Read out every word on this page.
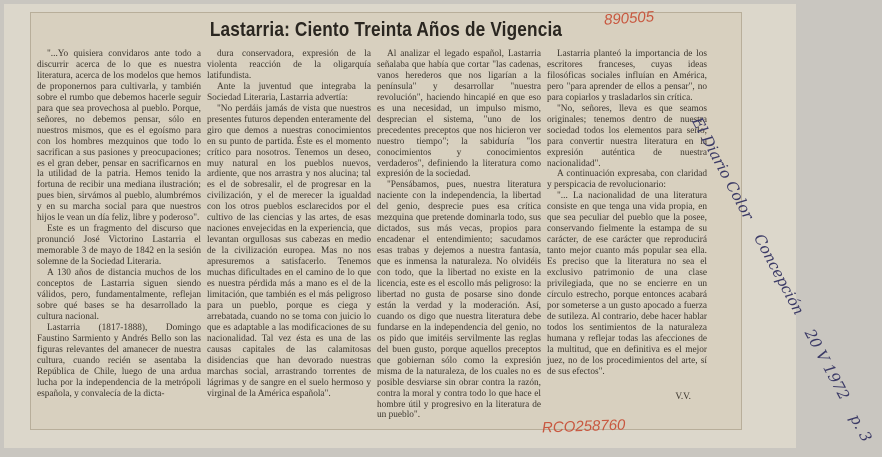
Lastarria: Ciento Treinta Años de Vigencia

"...Yo quisiera convidaros ante todo a discurrir acerca de lo que es nuestra literatura, acerca de los modelos que hemos de proponernos para cultivarla, y también sobre el rumbo que debemos hacerle seguir para que sea provechosa al pueblo. Porque, señores, no debemos pensar, sólo en nuestros mismos, que es el egoísmo para con los hombres mezquinos que todo lo sacrifican a sus pasiones y preocupaciones; es el gran deber, pensar en sacrificarnos en la utilidad de la patria. Hemos tenido la fortuna de recibir una mediana ilustración; pues bien, sirvámos al pueblo, alumbrémos y en su marcha social para que nuestros hijos le vean un día feliz, libre y poderoso".

Este es un fragmento del discurso que pronunció José Victorino Lastarria el memorable 3 de mayo de 1842 en la sesión solemne de la Sociedad Literaria.

A 130 años de distancia muchos de los conceptos de Lastarria siguen siendo válidos, pero, fundamentalmente, reflejan sobre qué bases se ha desarrollado la cultura nacional.

Lastarria (1817-1888), Domingo Faustino Sarmiento y Andrés Bello son las figuras relevantes del amanecer de nuestra cultura, cuando recién se asentaba la República de Chile, luego de una ardua lucha por la independencia de la metrópoli española, y convalecía de la dicta-

dura conservadora, expresión de la violenta reacción de la oligarquía latifundista.

Ante la juventud que integraba la Sociedad Literaria, Lastarria advertía:

"No perdáis jamás de vista que nuestros presentes futuros dependen enteramente del giro que demos a nuestras conocimientos en su punto de partida. Éste es el momento crítico para nosotros. Tenemos un deseo, muy natural en los pueblos nuevos, ardiente, que nos arrastra y nos alucina; tal es el de sobresalir, el de progresar en la civilización, y el de merecer la igualdad con los otros pueblos esclarecidos por el cultivo de las ciencias y las artes, de esas naciones envejecidas en la experiencia, que levantan orgullosas sus cabezas en medio de la civilización europea. Mas no nos apresuremos a satisfacerlo. Tenemos muchas dificultades en el camino de lo que es nuestra pérdida más a mano es el de la limitación, que también es el más peligroso para un pueblo, porque es ciega y arrebatada, cuando no se toma con juicio lo que es adaptable a las modificaciones de su nacionalidad. Tal vez ésta es una de las causas capitales de las calamitosas disidencias que han devorado nuestras marchas social, arrastrando torrentes de lágrimas y de sangre en el suelo hermoso y virginal de la América española".

Al analizar el legado español, Lastarria señalaba que había que cortar "las cadenas, vanos herederos que nos ligarían a la península" y desarrollar "nuestra revolución", haciendo hincapié en que eso es una necesidad, un impulso mismo, desprecian el sistema, "uno de los precedentes preceptos que nos hicieron ver nuestro tiempo"; la sabiduría "los conocimientos y conocimientos verdaderos", definiendo la literatura como expresión de la sociedad.

"Pensábamos, pues, nuestra literatura naciente con la independencia, la libertad del genio, desprecie pues esa crítica mezquina que pretende dominarla todo, sus dictados, sus más vecas, propios para encadenar el entendimiento; sacudamos esas trabas y dejemos a nuestra fantasía, que es inmensa la naturaleza. No olvidéis con todo, que la libertad no existe en la licencia, este es el escollo más peligroso: la libertad no gusta de posarse sino donde están la verdad y la moderación. Así, cuando os digo que nuestra literatura debe fundarse en la independencia del genio, no os pido que imitéis servilmente las reglas del buen gusto, porque aquellos preceptos que gobiernan sólo como la expresión misma de la naturaleza, de los cuales no es posible desviarse sin obrar contra la razón, contra la moral y contra todo lo que hace el hombre útil y progresivo en la literatura de un pueblo".

Lastarria planteó la importancia de los escritores franceses, cuyas ideas filosóficas sociales influían en América, pero "para aprender de ellos a pensar", no para copiarlos y trasladarlos sin crítica.

"No, señores, lleva es que seamos originales; tenemos dentro de nuestra sociedad todos los elementos para serlo, para convertir nuestra literatura en la expresión auténtica de nuestra nacionalidad".

A continuación expresaba, con claridad y perspicacia de revolucionario:

"... La nacionalidad de una literatura consiste en que tenga una vida propia, en que sea peculiar del pueblo que la posee, conservando fielmente la estampa de su carácter, de ese carácter que reproducirá tanto mejor cuanto más popular sea ella. Es preciso que la literatura no sea el exclusivo patrimonio de una clase privilegiada, que no se encierre en un círculo estrecho, porque entonces acabará por someterse a un gusto apocado a fuerza de sutileza. Al contrario, debe hacer hablar todos los sentimientos de la naturaleza humana y reflejar todas las afecciones de la multitud, que en definitiva es el mejor juez, no de los procedimientos del arte, sí de sus efectos".

V.V.
890505
RCO258760
El Diario Color Concepción 20 V 1972 p. 3
